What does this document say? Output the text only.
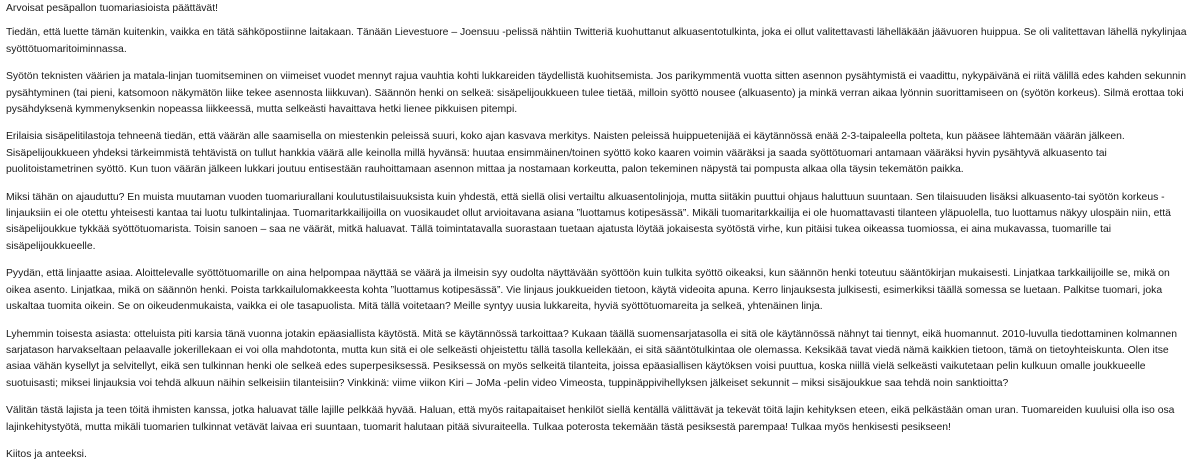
Arvoisat pesäpallon tuomariasioista päättävät!

Tiedän, että luette tämän kuitenkin, vaikka en tätä sähköpostiinne laitakaan. Tänään Lievestuore – Joensuu -pelissä nähtiin Twitteriä kuohuttanut alkuasentotulkinta, joka ei ollut valitettavasti lähelläkään jäävuoren huippua. Se oli valitettavan lähellä nykylinjaa syöttötuomaritoiminnassa.

Syötön teknisten väärien ja matala-linjan tuomitseminen on viimeiset vuodet mennyt rajua vauhtia kohti lukkareiden täydellistä kuohitsemista. Jos parikymmentä vuotta sitten asennon pysähtymistä ei vaadittu, nykypäivänä ei riitä välillä edes kahden sekunnin pysähtyminen (tai pieni, katsomoon näkymätön liike tekee asennosta liikkuvan). Säännön henki on selkeä: sisäpelijoukkueen tulee tietää, milloin syöttö nousee (alkuasento) ja minkä verran aikaa lyönnin suorittamiseen on (syötön korkeus). Silmä erottaa toki pysähdyksenä kymmenyksenkin nopeassa liikkeessä, mutta selkeästi havaittava hetki lienee pikkuisen pitempi.

Erilaisia sisäpelitilastoja tehneenä tiedän, että väärän alle saamisella on miestenkin peleissä suuri, koko ajan kasvava merkitys. Naisten peleissä huippuetenijää ei käytännössä enää 2-3-taipaleella polteta, kun pääsee lähtemään väärän jälkeen. Sisäpelijoukkueen yhdeksi tärkeimmistä tehtävistä on tullut hankkia väärä alle keinolla millä hyvänsä: huutaa ensimmäinen/toinen syöttö koko kaaren voimin vääräksi ja saada syöttötuomari antamaan vääräksi hyvin pysähtyvä alkuasento tai puolitoistametrinen syöttö. Kun tuon väärän jälkeen lukkari joutuu entisestään rauhoittamaan asennon mittaa ja nostamaan korkeutta, palon tekeminen näpystä tai pompusta alkaa olla täysin tekemätön paikka.

Miksi tähän on ajauduttu? En muista muutaman vuoden tuomariurallani koulutustilaisuuksista kuin yhdestä, että siellä olisi vertailtu alkuasentolinjoja, mutta siitäkin puuttui ohjaus haluttuun suuntaan. Sen tilaisuuden lisäksi alkuasento-tai syötön korkeus -linjauksiin ei ole otettu yhteisesti kantaa tai luotu tulkintalinjaa. Tuomaritarkkailijoilla on vuosikaudet ollut arvioitavana asiana ”luottamus kotipesässä”. Mikäli tuomaritarkkailija ei ole huomattavasti tilanteen yläpuolella, tuo luottamus näkyy ulospäin niin, että sisäpelijoukkue tykkää syöttötuomarista. Toisin sanoen – saa ne väärät, mitkä haluavat. Tällä toimintatavalla suorastaan tuetaan ajatusta löytää jokaisesta syötöstä virhe, kun pitäisi tukea oikeassa tuomiossa, ei aina mukavassa, tuomarille tai sisäpelijoukkueelle.

Pyydän, että linjaatte asiaa. Aloittelevalle syöttötuomarille on aina helpompaa näyttää se väärä ja ilmeisin syy oudolta näyttävään syöttöön kuin tulkita syöttö oikeaksi, kun säännön henki toteutuu sääntökirjan mukaisesti. Linjatkaa tarkkailijoille se, mikä on oikea asento. Linjatkaa, mikä on säännön henki. Poista tarkkailulomakkeesta kohta ”luottamus kotipesässä”. Vie linjaus joukkueiden tietoon, käytä videoita apuna. Kerro linjauksesta julkisesti, esimerkiksi täällä somessa se luetaan. Palkitse tuomari, joka uskaltaa tuomita oikein. Se on oikeudenmukaista, vaikka ei ole tasapuolista. Mitä tällä voitetaan? Meille syntyy uusia lukkareita, hyviä syöttötuomareita ja selkeä, yhtenäinen linja.

Lyhemmin toisesta asiasta: otteluista piti karsia tänä vuonna jotakin epäasiallista käytöstä. Mitä se käytännössä tarkoittaa? Kukaan täällä suomensarjatasolla ei sitä ole käytännössä nähnyt tai tiennyt, eikä huomannut. 2010-luvulla tiedottaminen kolmannen sarjatason harvakseltaan pelaavalle jokerillekaan ei voi olla mahdotonta, mutta kun sitä ei ole selkeästi ohjeistettu tällä tasolla kellekään, ei sitä sääntötulkintaa ole olemassa. Keksikää tavat viedä nämä kaikkien tietoon, tämä on tietoyhteiskunta. Olen itse asiaa vähän kysellyt ja selvitellyt, eikä sen tulkinnan henki ole selkeä edes superpesiksessä. Pesiksessä on myös selkeitä tilanteita, joissa epäasiallisen käytöksen voisi puuttua, koska niillä vielä selkeästi vaikutetaan pelin kulkuun omalle joukkueelle suotuisasti; miksei linjauksia voi tehdä alkuun näihin selkeisiin tilanteisiin? Vinkkinä: viime viikon Kiri – JoMa -pelin video Vimeosta, tuppinäppivihellyksen jälkeiset sekunnit – miksi sisäjoukkue saa tehdä noin sanktioitta?

Välitän tästä lajista ja teen töitä ihmisten kanssa, jotka haluavat tälle lajille pelkkää hyvää. Haluan, että myös raitapaitaiset henkilöt siellä kentällä välittävät ja tekevät töitä lajin kehityksen eteen, eikä pelkästään oman uran. Tuomareiden kuuluisi olla iso osa lajinkehitystyötä, mutta mikäli tuomarien tulkinnat vetävät laivaa eri suuntaan, tuomarit halutaan pitää sivuraiteella. Tulkaa poterosta tekemään tästä pesiksestä parempaa! Tulkaa myös henkisesti pesikseen!

Kiitos ja anteeksi.
